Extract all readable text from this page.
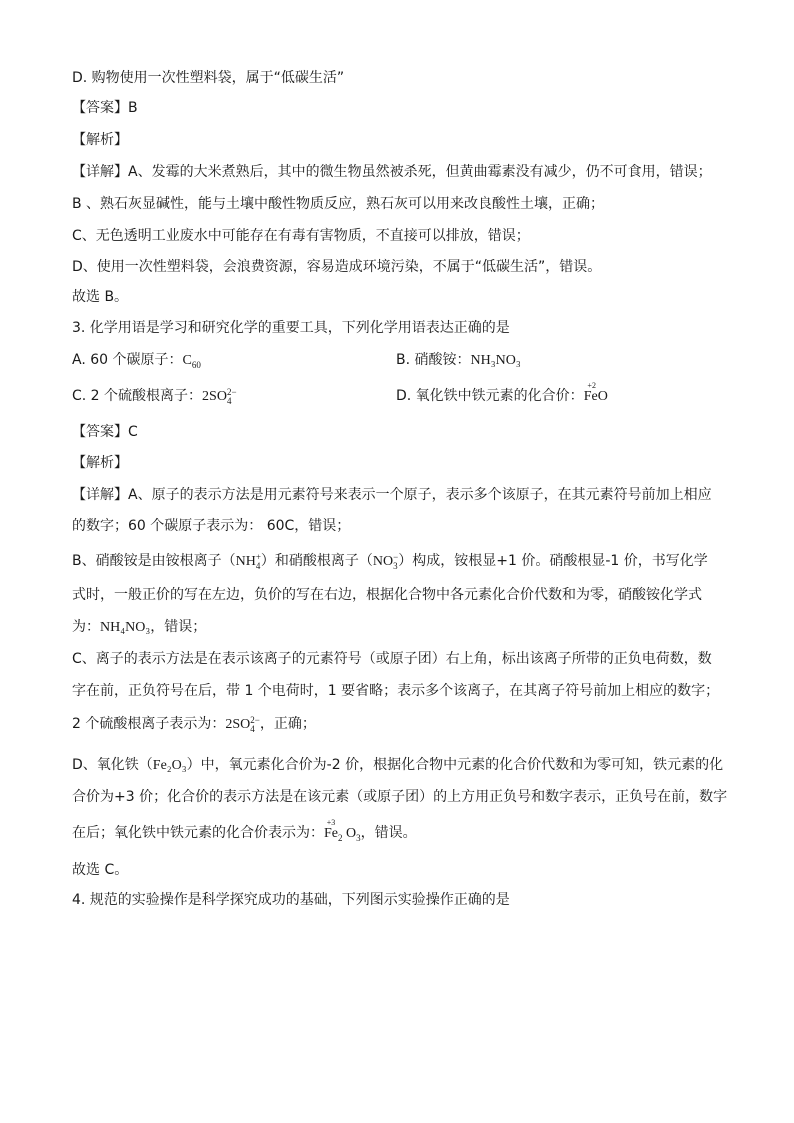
D. 购物使用一次性塑料袋，属于“低碳生活”
【答案】B
【解析】
【详解】A、发霉的大米煮熟后，其中的微生物虽然被杀死，但黄曲霉素没有减少，仍不可食用，错误；
B 、熟石灰显碱性，能与土壤中酸性物质反应，熟石灰可以用来改良酸性土壤，正确；
C、无色透明工业废水中可能存在有毒有害物质，不直接可以排放，错误；
D、使用一次性塑料袋，会浪费资源，容易造成环境污染，不属于“低碳生活”，错误。
故选 B。
3. 化学用语是学习和研究化学的重要工具，下列化学用语表达正确的是
A. 60 个碳原子：$C_{60}$	B. 硝酸铵：NH₃NO₃
C. 2 个硫酸根离子：2SO 2−
4	D. 氧化铁中铁元素的化合价：
+2
FeO
【答案】C
【解析】
【详解】A、原子的表示方法是用元素符号来表示一个原子，表示多个该原子，在其元素符号前加上相应
的数字；60 个碳原子表示为： 60C，错误；
B、硝酸铵是由铵根离子（NH +
4 ）和硝酸根离子（NO −
3 ）构成，铵根显+1 价。硝酸根显-1 价，书写化学
式时，一般正价的写在左边，负价的写在右边，根据化合物中各元素化合价代数和为零，硝酸铵化学式
为：NH₄NO₃，错误；
C、离子的表示方法是在表示该离子的元素符号（或原子团）右上角，标出该离子所带的正负电荷数，数
字在前，正负符号在后，带 1 个电荷时，1 要省略；表示多个该离子，在其离子符号前加上相应的数字；
2 个硫酸根离子表示为：2SO 2−
4 ，正确；
D、氧化铁（Fe₂O₃）中，氧元素化合价为-2 价，根据化合物中元素的化合价代数和为零可知，铁元素的化
合价为+3 价；化合价的表示方法是在该元素（或原子团）的上方用正负号和数字表示，正负号在前，数字
在后；氧化铁中铁元素的化合价表示为：
+3
$Fe_2$ $O_3$，错误。
故选 C。
4. 规范的实验操作是科学探究成功的基础，下列图示实验操作正确的是
